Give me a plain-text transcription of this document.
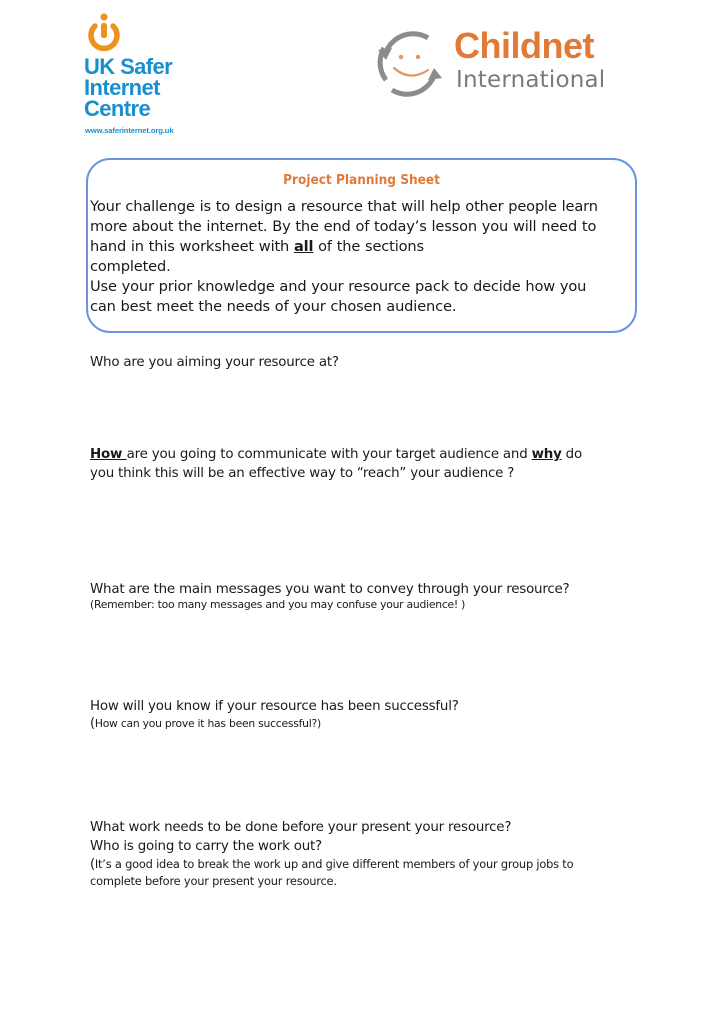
UK Safer
Internet
Centre
www.saferinternet.org.uk
Childnet
International
Project Planning Sheet
Your challenge is to design a resource that will help other people learn
more about the internet. By the end of today’s lesson you will need to
hand in this worksheet with all of the sections
completed.
Use your prior knowledge and your resource pack to decide how you
can best meet the needs of your chosen audience.
Who are you aiming your resource at?
How are you going to communicate with your target audience and why do
you think this will be an effective way to “reach” your audience ?
What are the main messages you want to convey through your resource?
(Remember: too many messages and you may confuse your audience! )
How will you know if your resource has been successful?
(How can you prove it has been successful?)
What work needs to be done before your present your resource?
Who is going to carry the work out?
(It’s a good idea to break the work up and give different members of your group jobs to
complete before your present your resource.
